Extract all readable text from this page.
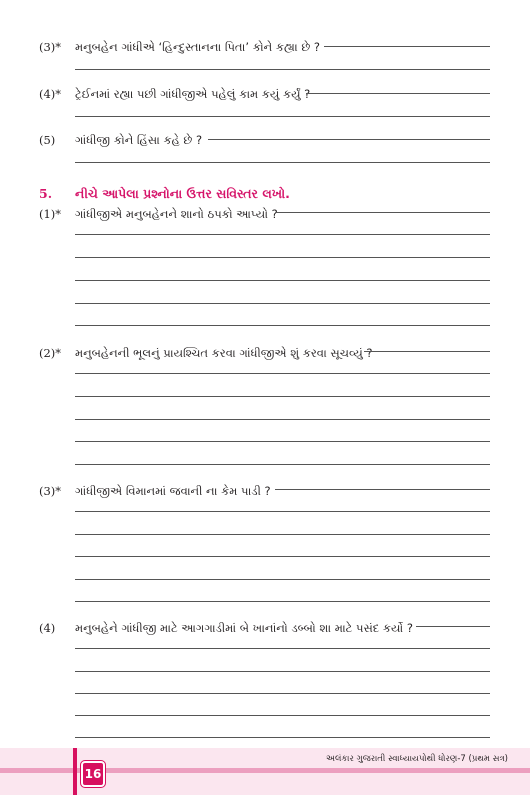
(3)* મનુબહેન ગાંધીએ ‘હિન્દુસ્તાનના પિતા’ કોને કહ્યા છે ?
(4)* ટ્રેઈનમાં રહ્યા પછી ગાંધીજીએ પહેલું કામ કયું કર્યું ?
(5) ગાંધીજી કોને હિંસા કહે છે ?
5. નીચે આપેલા પ્રશ્નોના ઉત્તર સવિસ્તર લખો.
(1)* ગાંધીજીએ મનુબહેનને શાનો ઠપકો આપ્યો ?
(2)* મનુબહેનની ભૂલનું પ્રાયશ્ચિત કરવા ગાંધીજીએ શું કરવા સૂચવ્યું ?
(3)* ગાંધીજીએ વિમાનમાં જવાની ના કેમ પાડી ?
(4) મનુબહેને ગાંધીજી માટે આગગાડીમાં બે ખાનાંનો ડબ્બો શા માટે પસંદ કર્યો ?
16
અલંકાર ગુજરાતી સ્વાધ્યાયપોથી ધોરણ-7 (પ્રથમ સત્ર)
